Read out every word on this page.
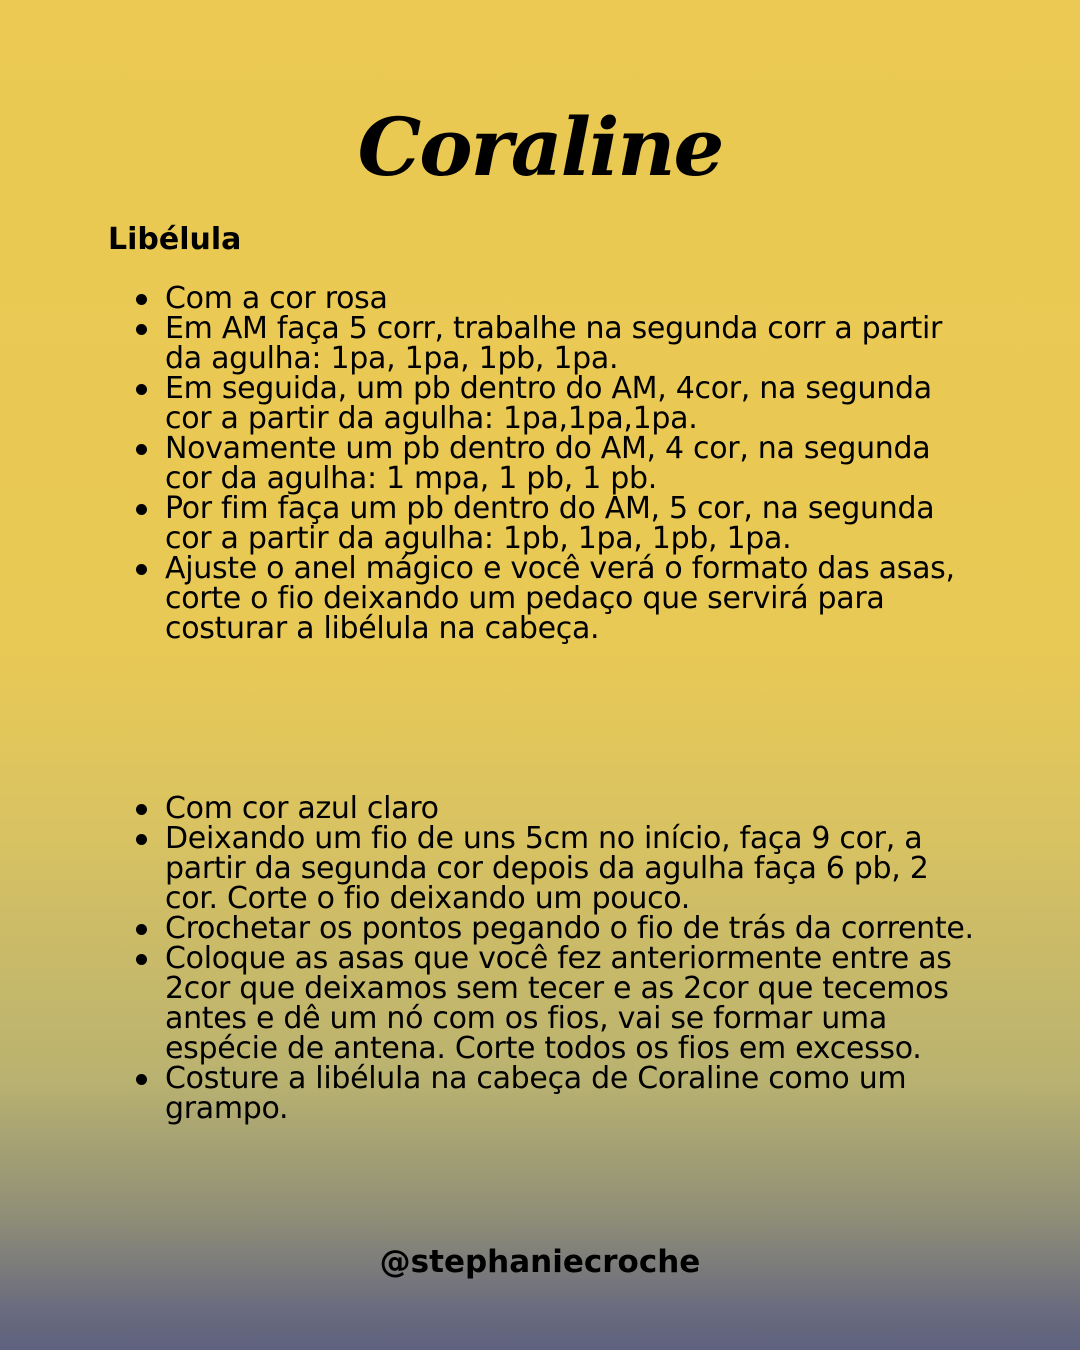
Coraline
Libélula
Com a cor rosa
Em AM faça 5 corr, trabalhe na segunda corr a partir da agulha: 1pa, 1pa, 1pb, 1pa.
Em seguida, um pb dentro do AM, 4cor, na segunda cor a partir da agulha: 1pa,1pa,1pa.
Novamente um pb dentro do AM, 4 cor, na segunda cor da agulha: 1 mpa, 1 pb, 1 pb.
Por fim faça um pb dentro do AM, 5 cor, na segunda cor a partir da agulha: 1pb, 1pa, 1pb, 1pa.
Ajuste o anel mágico e você verá o formato das asas, corte o fio deixando um pedaço que servirá para costurar a libélula na cabeça.
Com cor azul claro
Deixando um fio de uns 5cm no início, faça 9 cor, a partir da segunda cor depois da agulha faça 6 pb, 2 cor. Corte o fio deixando um pouco.
Crochetar os pontos pegando o fio de trás da corrente.
Coloque as asas que você fez anteriormente entre as 2cor que deixamos sem tecer e as 2cor que tecemos antes e dê um nó com os fios, vai se formar uma espécie de antena. Corte todos os fios em excesso.
Costure a libélula na cabeça de Coraline como um grampo.
@stephaniecroche
